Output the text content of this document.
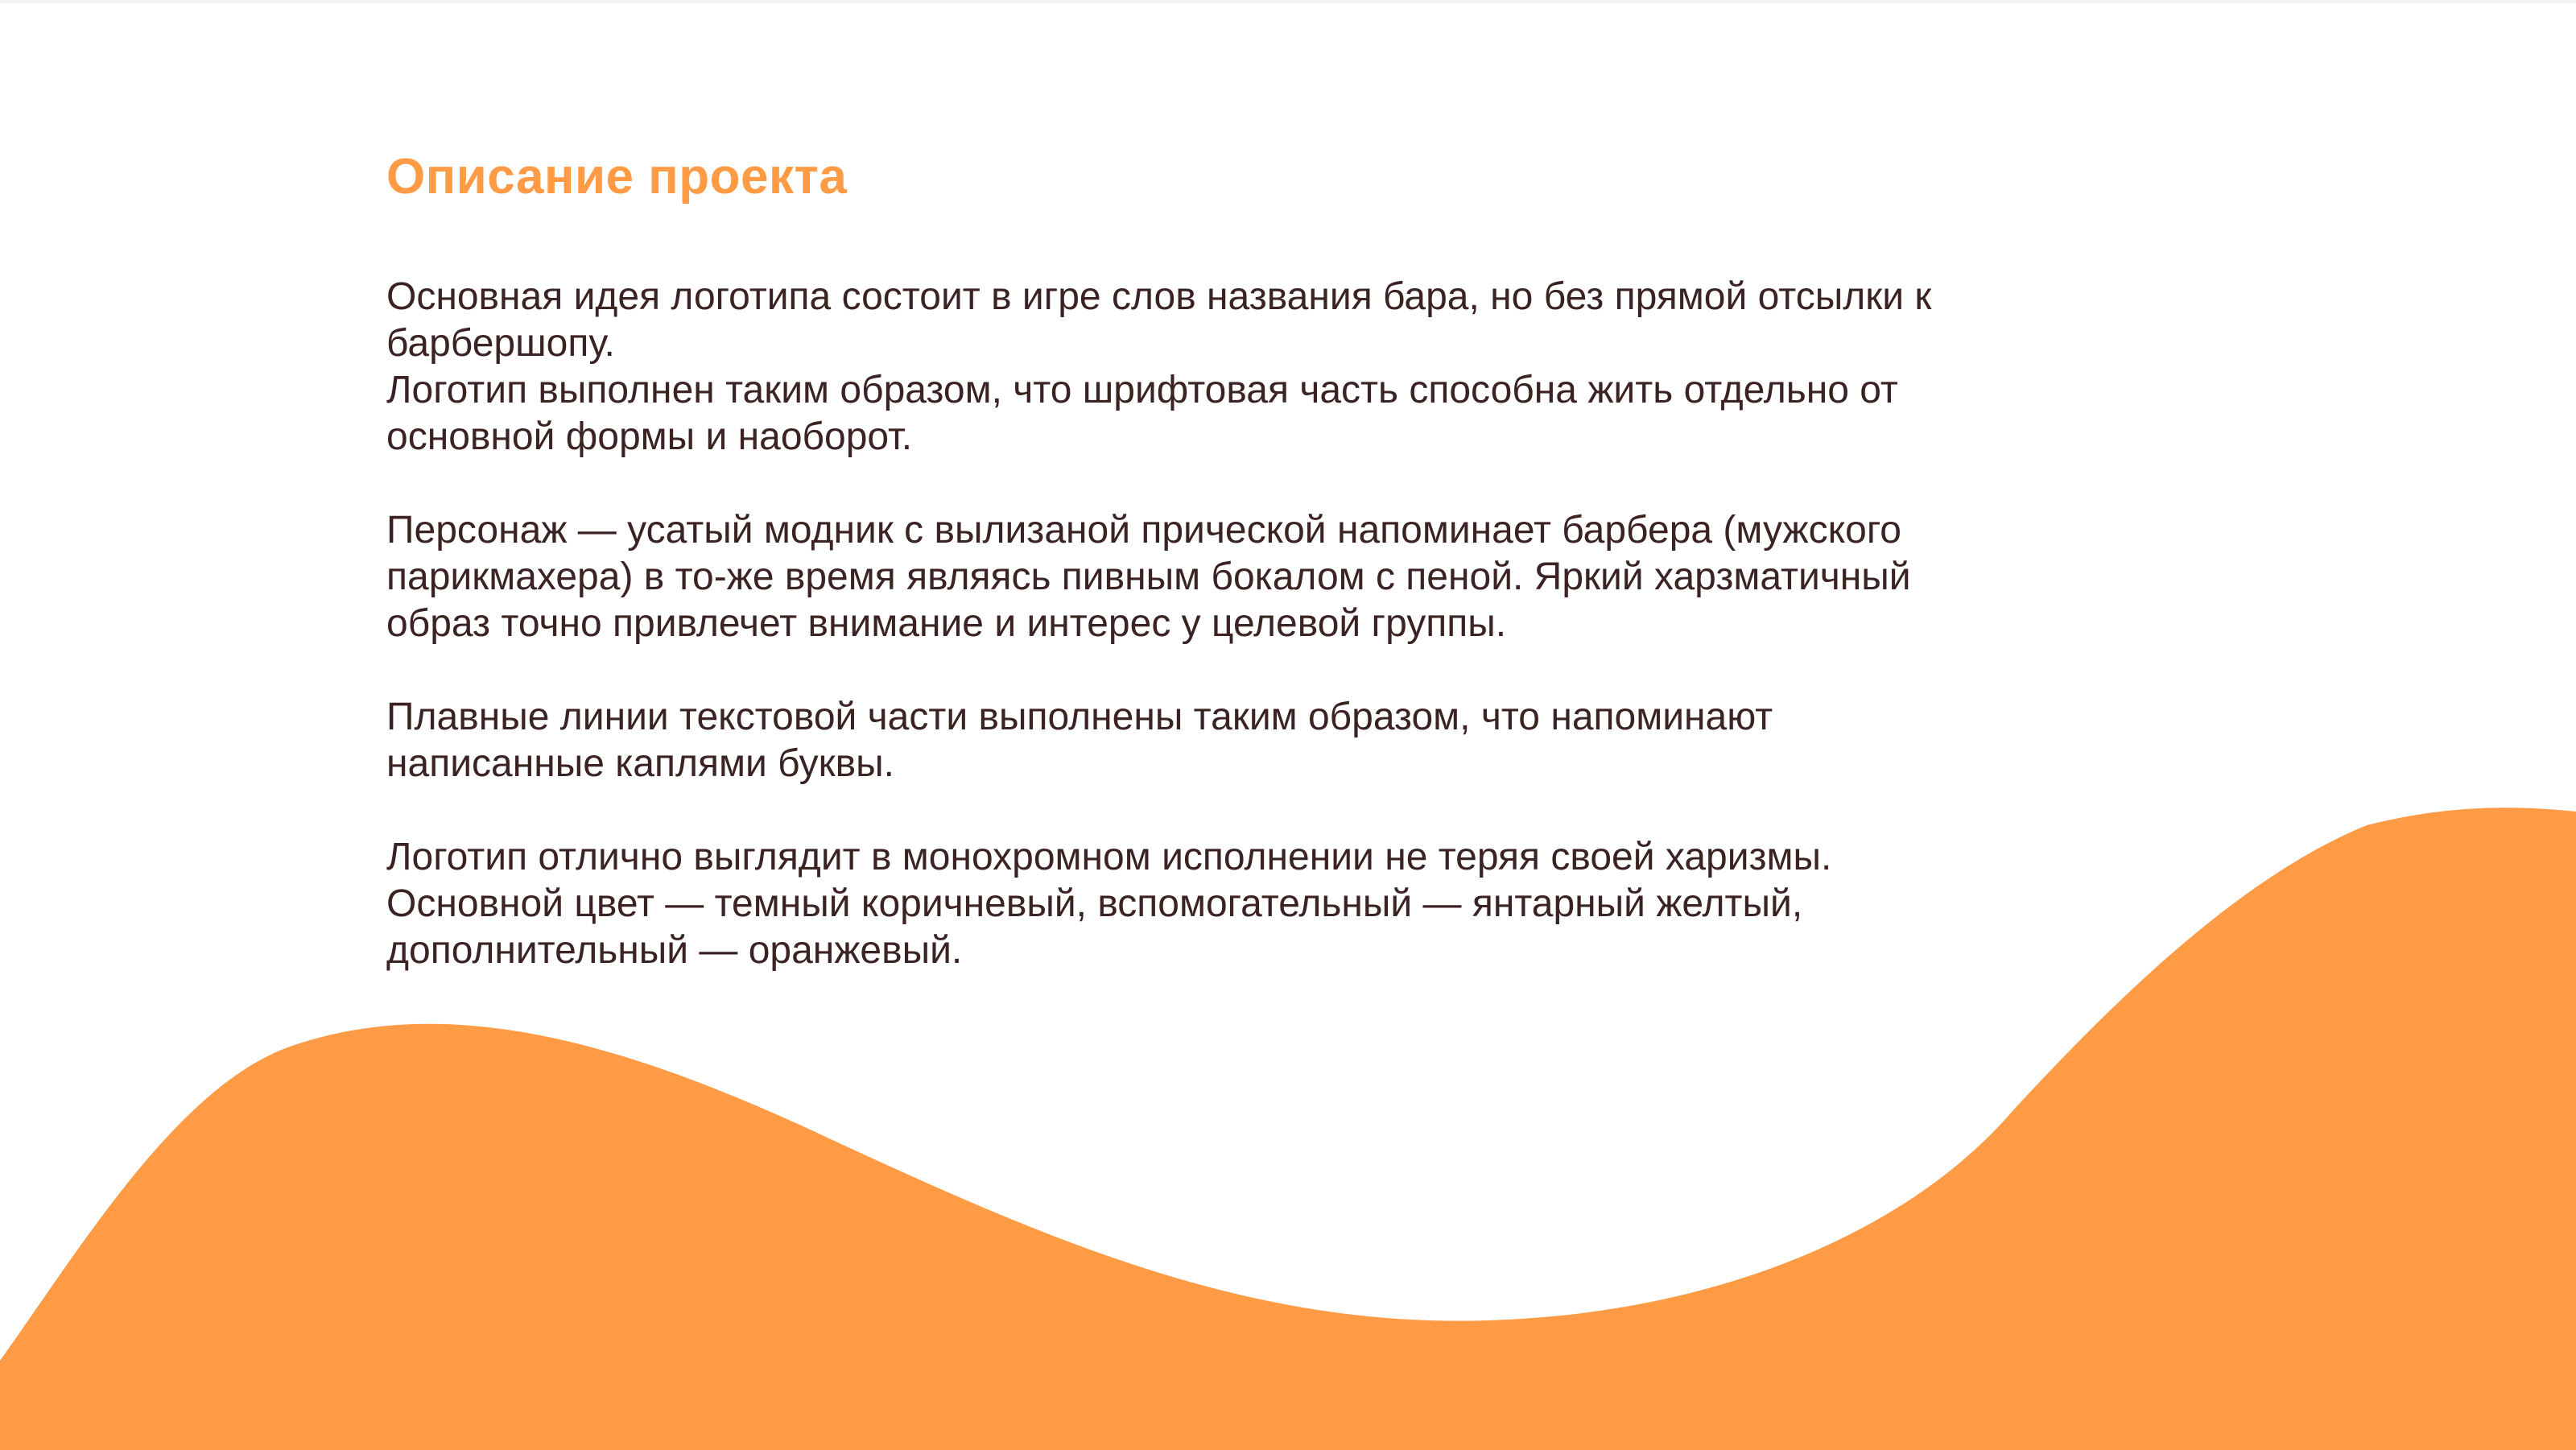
Описание проекта

Основная идея логотипа состоит в игре слов названия бара, но без прямой отсылки к
барбершопу.
Логотип выполнен таким образом, что шрифтовая часть способна жить отдельно от
основной формы и наоборот.

Персонаж — усатый модник с вылизаной прической напоминает барбера (мужского
парикмахера) в то-же время являясь пивным бокалом с пеной. Яркий харзматичный
образ точно привлечет внимание и интерес у целевой группы.

Плавные линии текстовой части выполнены таким образом, что напоминают
написанные каплями буквы.

Логотип отлично выглядит в монохромном исполнении не теряя своей харизмы.
Основной цвет — темный коричневый, вспомогательный — янтарный желтый,
дополнительный — оранжевый.
